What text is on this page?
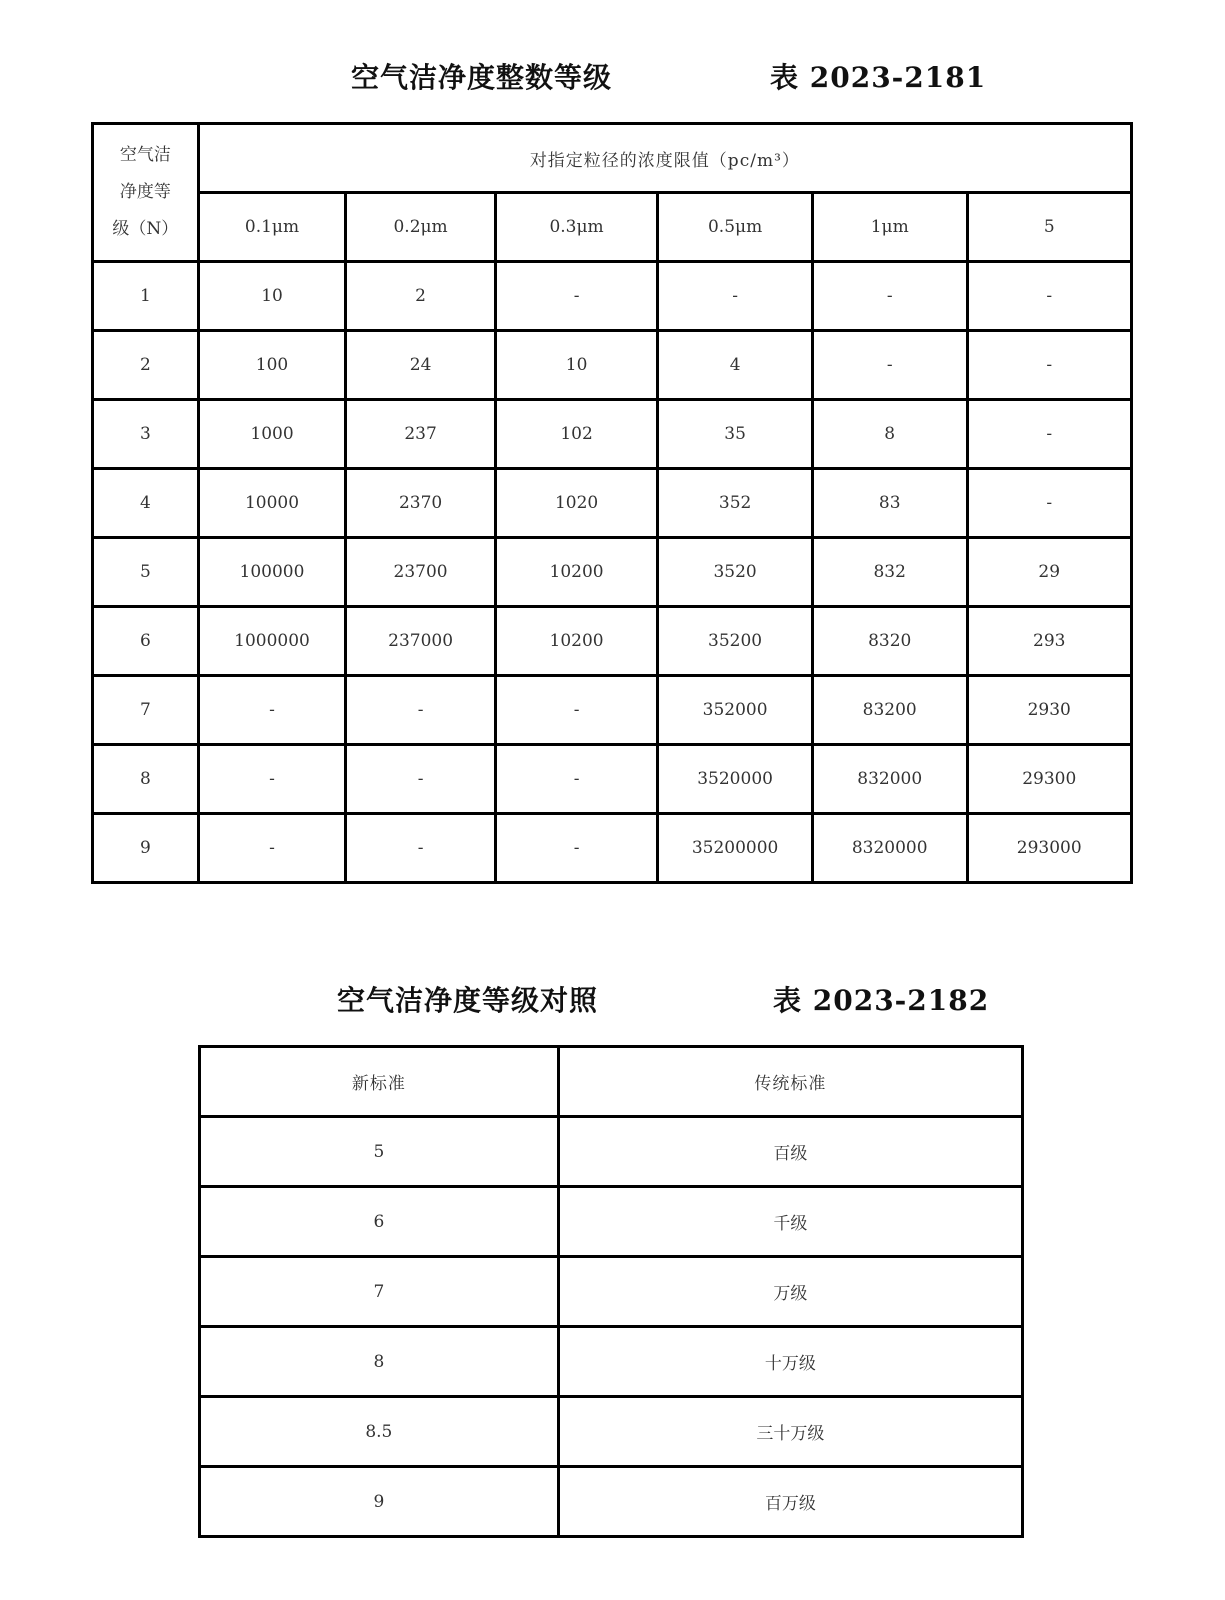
空气洁净度整数等级	表 2023-2181
空气洁
净度等
级（N）	对指定粒径的浓度限值（pc/m³）					
	0.1μm	0.2μm	0.3μm	0.5μm	1μm	5
1	10	2	-	-	-	-
2	100	24	10	4	-	-
3	1000	237	102	35	8	-
4	10000	2370	1020	352	83	-
5	100000	23700	10200	3520	832	29
6	1000000	237000	10200	35200	8320	293
7	-	-	-	352000	83200	2930
8	-	-	-	3520000	832000	29300
9	-	-	-	35200000	8320000	293000
空气洁净度等级对照	表 2023-2182
新标准	传统标准
5	百级
6	千级
7	万级
8	十万级
8.5	三十万级
9	百万级
